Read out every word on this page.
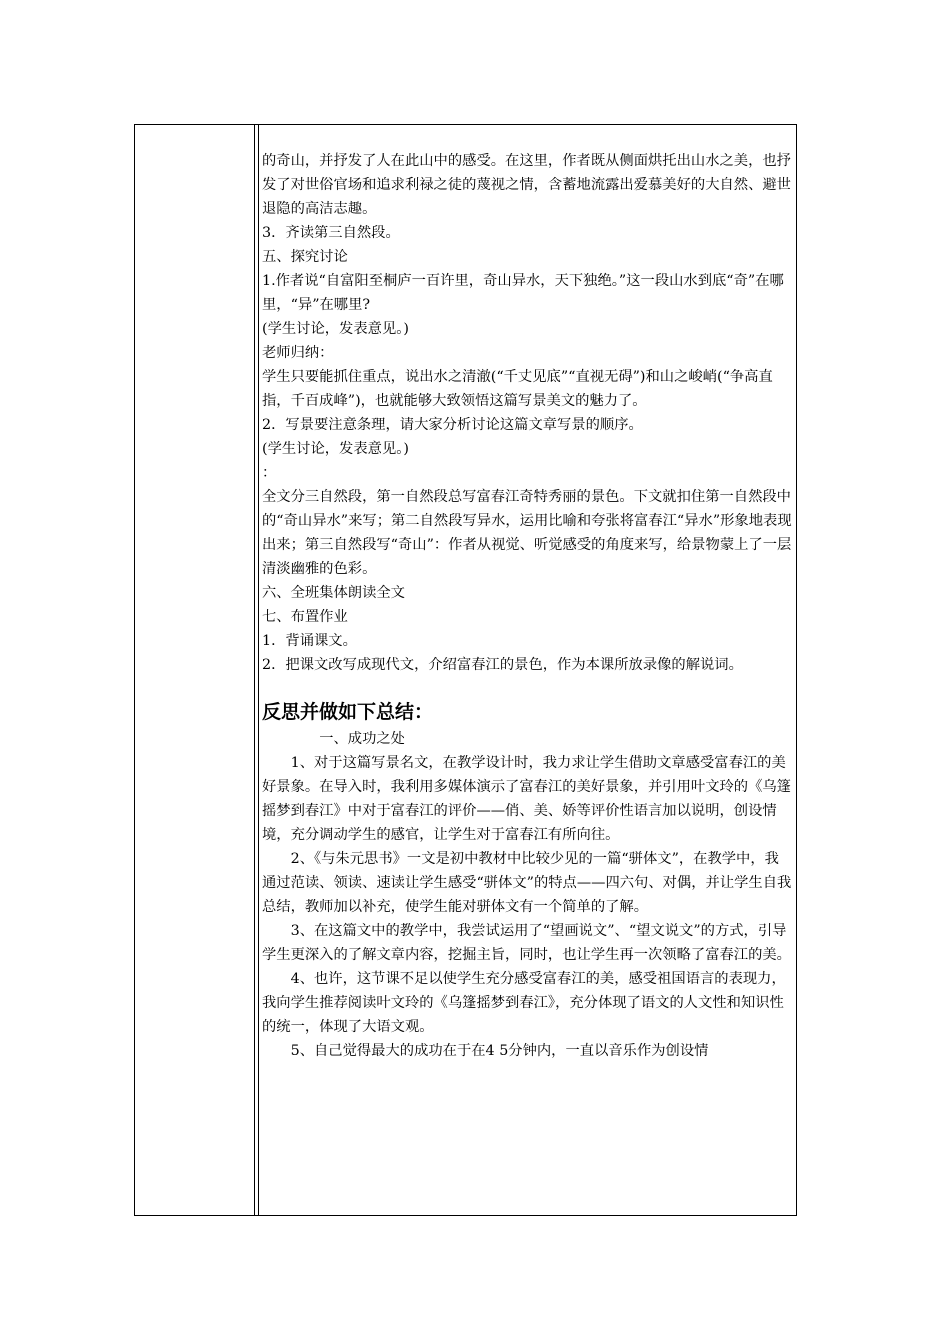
的奇山，并抒发了人在此山中的感受。在这里，作者既从侧面烘托出山水之美，也抒发了对世俗官场和追求利禄之徒的蔑视之情，含蓄地流露出爱慕美好的大自然、避世退隐的高洁志趣。

3．齐读第三自然段。

五、探究讨论

1.作者说“自富阳至桐庐一百许里，奇山异水，天下独绝。”这一段山水到底“奇”在哪里，“异”在哪里?

(学生讨论，发表意见。)

老师归纳：

学生只要能抓住重点，说出水之清澈(“千丈见底”“直视无碍”)和山之峻峭(“争高直指，千百成峰”)，也就能够大致领悟这篇写景美文的魅力了。

2．写景要注意条理，请大家分析讨论这篇文章写景的顺序。

(学生讨论，发表意见。)

：

全文分三自然段，第一自然段总写富春江奇特秀丽的景色。下文就扣住第一自然段中的“奇山异水”来写；第二自然段写异水，运用比喻和夸张将富春江“异水”形象地表现出来；第三自然段写“奇山”：作者从视觉、听觉感受的角度来写，给景物蒙上了一层清淡幽雅的色彩。

六、全班集体朗读全文

七、布置作业

1．背诵课文。

2．把课文改写成现代文，介绍富春江的景色，作为本课所放录像的解说词。

反思并做如下总结：

一、成功之处

1、对于这篇写景名文，在教学设计时，我力求让学生借助文章感受富春江的美好景象。在导入时，我利用多媒体演示了富春江的美好景象，并引用叶文玲的《乌篷摇梦到春江》中对于富春江的评价——俏、美、娇等评价性语言加以说明，创设情境，充分调动学生的感官，让学生对于富春江有所向往。

2、《与朱元思书》一文是初中教材中比较少见的一篇“骈体文”，在教学中，我通过范读、领读、速读让学生感受“骈体文”的特点——四六句、对偶，并让学生自我总结，教师加以补充，使学生能对骈体文有一个简单的了解。

3、在这篇文中的教学中，我尝试运用了“望画说文”、“望文说文”的方式，引导学生更深入的了解文章内容，挖掘主旨，同时，也让学生再一次领略了富春江的美。

4、也许，这节课不足以使学生充分感受富春江的美，感受祖国语言的表现力，我向学生推荐阅读叶文玲的《乌篷摇梦到春江》，充分体现了语文的人文性和知识性的统一，体现了大语文观。

5、自己觉得最大的成功在于在4 5分钟内，一直以音乐作为创设情
